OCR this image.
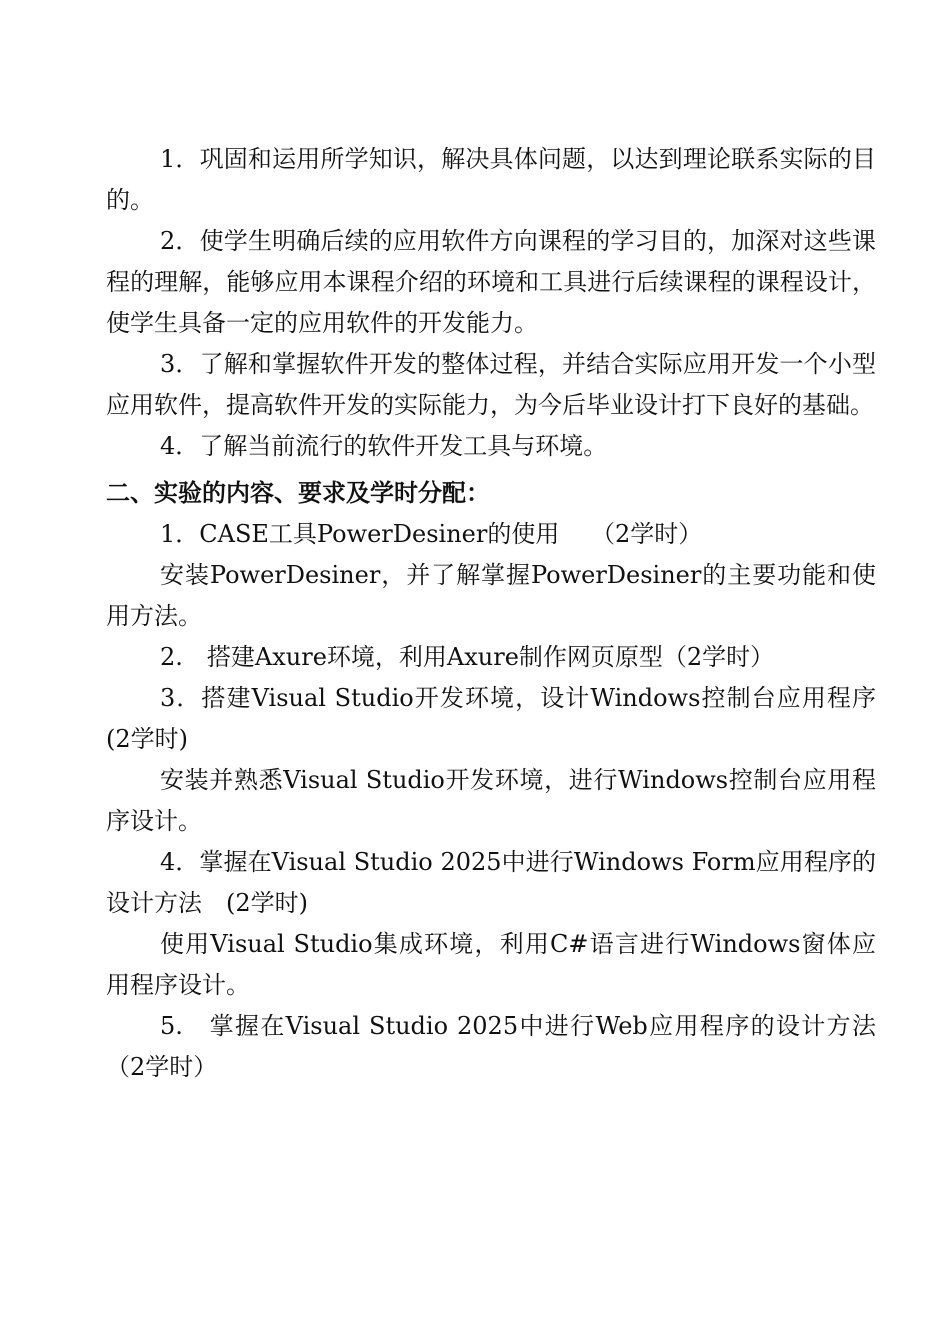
1．巩固和运用所学知识，解决具体问题，以达到理论联系实际的目的。

2．使学生明确后续的应用软件方向课程的学习目的，加深对这些课程的理解，能够应用本课程介绍的环境和工具进行后续课程的课程设计，使学生具备一定的应用软件的开发能力。

3．了解和掌握软件开发的整体过程，并结合实际应用开发一个小型应用软件，提高软件开发的实际能力，为今后毕业设计打下良好的基础。

4．了解当前流行的软件开发工具与环境。

二、实验的内容、要求及学时分配：

1．CASE工具PowerDesiner的使用　 （2学时）

安装PowerDesiner，并了解掌握PowerDesiner的主要功能和使用方法。

2.　搭建Axure环境，利用Axure制作网页原型（2学时）

3．搭建Visual Studio开发环境，设计Windows控制台应用程序(2学时)

安装并熟悉Visual Studio开发环境，进行Windows控制台应用程序设计。

4．掌握在Visual Studio 2025中进行Windows Form应用程序的设计方法　(2学时)

使用Visual Studio集成环境，利用C#语言进行Windows窗体应用程序设计。

5.　掌握在Visual Studio 2025中进行Web应用程序的设计方法（2学时）
